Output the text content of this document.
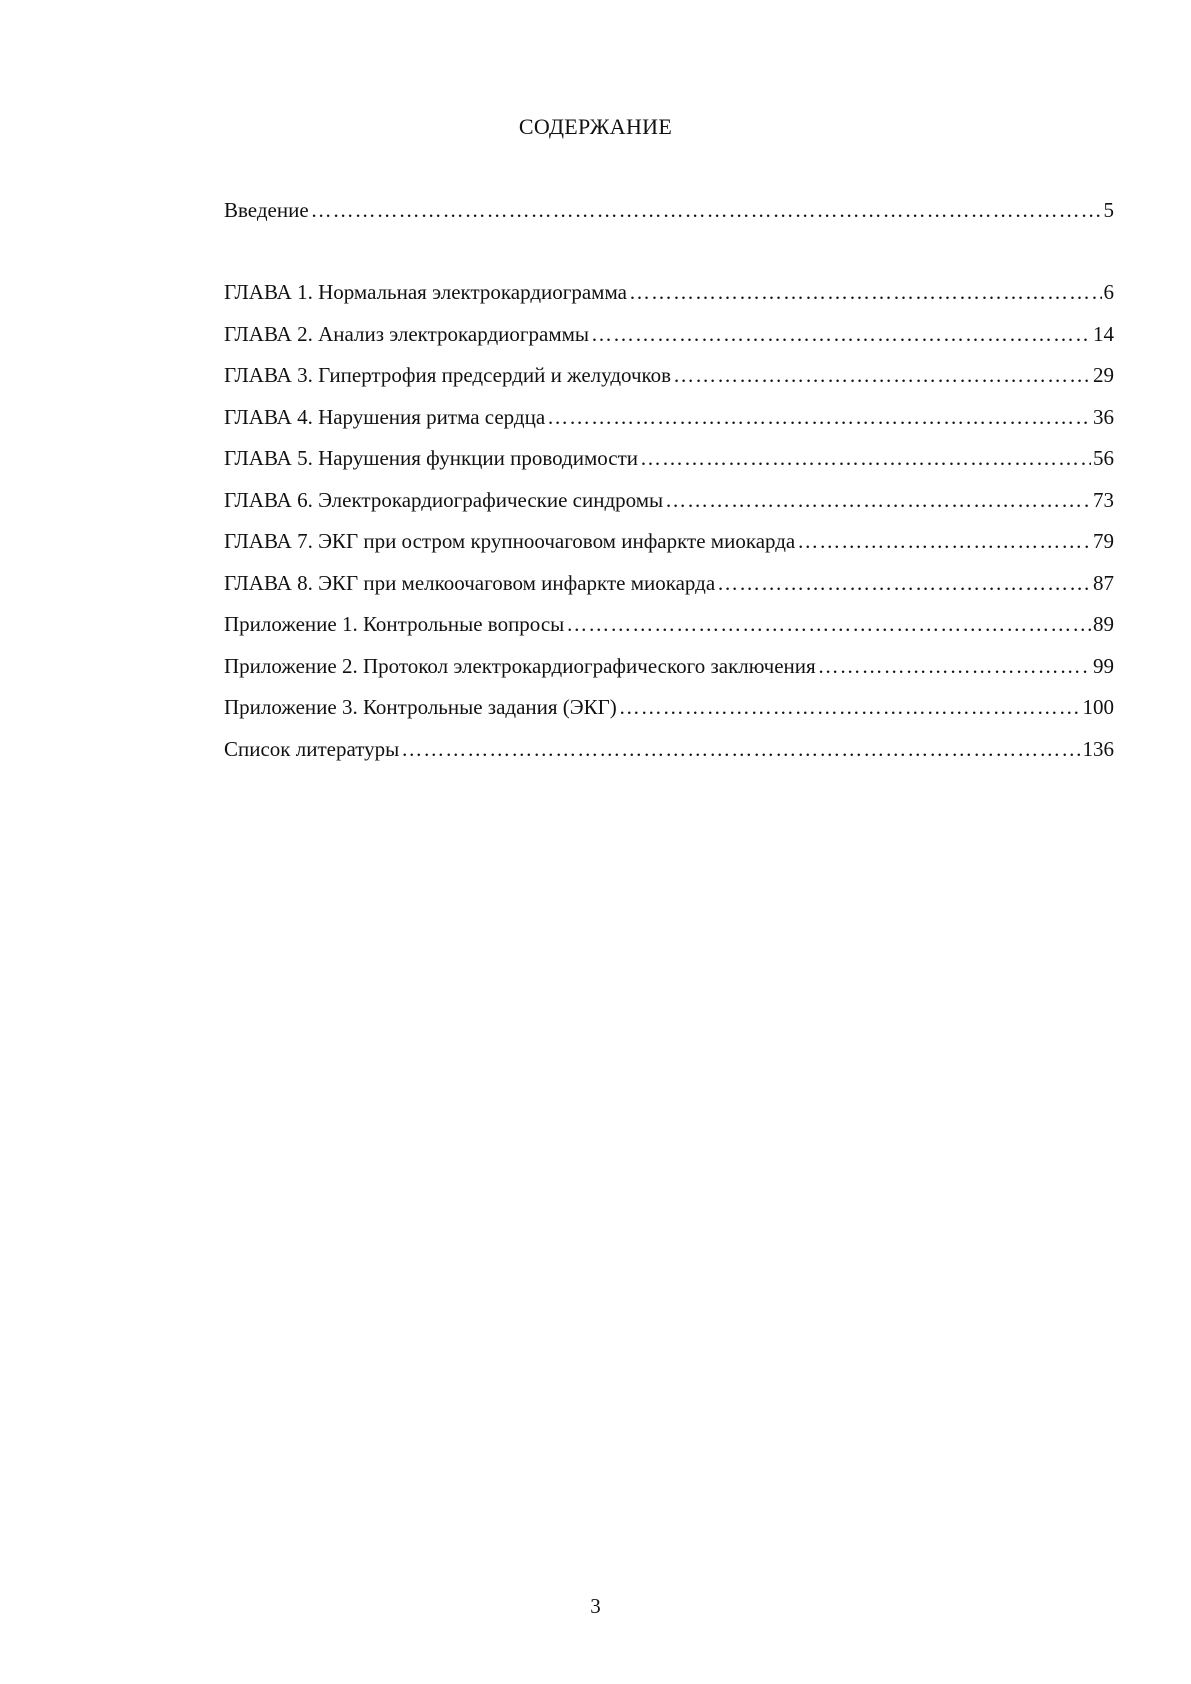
СОДЕРЖАНИЕ
Введение …………………………………………………………………………………………………………………………………………………………………………	5
ГЛАВА 1. Нормальная электрокардиограмма …………………………………………………………………………………………………………………………………………………………………………	6
ГЛАВА 2. Анализ электрокардиограммы …………………………………………………………………………………………………………………………………………………………………………	14
ГЛАВА 3. Гипертрофия предсердий и желудочков …………………………………………………………………………………………………………………………………………………………………………	29
ГЛАВА 4. Нарушения ритма сердца …………………………………………………………………………………………………………………………………………………………………………	36
ГЛАВА 5. Нарушения функции проводимости …………………………………………………………………………………………………………………………………………………………………………	56
ГЛАВА 6. Электрокардиографические синдромы …………………………………………………………………………………………………………………………………………………………………………	73
ГЛАВА 7. ЭКГ при остром крупноочаговом инфаркте миокарда …………………………………………………………………………………………………………………………………………………………………………	79
ГЛАВА 8. ЭКГ при мелкоочаговом инфаркте миокарда …………………………………………………………………………………………………………………………………………………………………………	87
Приложение 1. Контрольные вопросы …………………………………………………………………………………………………………………………………………………………………………	89
Приложение 2. Протокол электрокардиографического заключения …………………………………………………………………………………………………………………………………………………………………………	99
Приложение 3. Контрольные задания (ЭКГ) …………………………………………………………………………………………………………………………………………………………………………	100
Список литературы …………………………………………………………………………………………………………………………………………………………………………	136
3
